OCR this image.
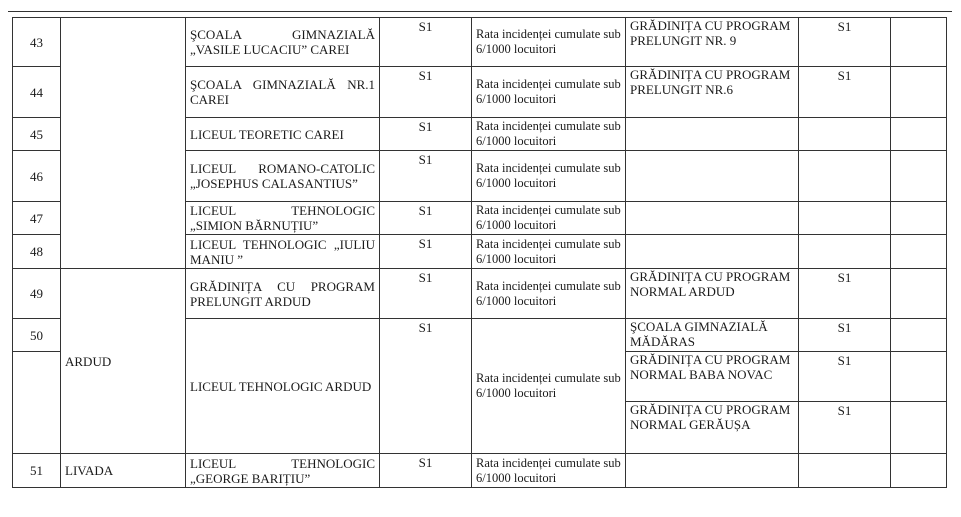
43		ŞCOALA GIMNAZIALĂ „VASILE LUCACIU” CAREI	S1	Rata incidenței cumulate sub 6/1000 locuitori	GRĂDINIȚA CU PROGRAM PRELUNGIT NR. 9	S1	
44		ŞCOALA GIMNAZIALĂ NR.1 CAREI	S1	Rata incidenței cumulate sub 6/1000 locuitori	GRĂDINIȚA CU PROGRAM PRELUNGIT NR.6	S1	
45		LICEUL TEORETIC CAREI	S1	Rata incidenței cumulate sub 6/1000 locuitori			
46		LICEUL ROMANO-CATOLIC „JOSEPHUS CALASANTIUS”	S1	Rata incidenței cumulate sub 6/1000 locuitori			
47		LICEUL TEHNOLOGIC „SIMION BĂRNUȚIU”	S1	Rata incidenței cumulate sub 6/1000 locuitori			
48		LICEUL TEHNOLOGIC „IULIU MANIU ”	S1	Rata incidenței cumulate sub 6/1000 locuitori			
49	ARDUD	GRĂDINIȚA CU PROGRAM PRELUNGIT ARDUD	S1	Rata incidenței cumulate sub 6/1000 locuitori	GRĂDINIȚA CU PROGRAM NORMAL ARDUD	S1	
50		LICEUL TEHNOLOGIC ARDUD	S1	Rata incidenței cumulate sub 6/1000 locuitori	ŞCOALA GIMNAZIALĂ MĂDĂRAS	S1	
					GRĂDINIȚA CU PROGRAM NORMAL BABA NOVAC	S1	

					GRĂDINIȚA CU PROGRAM NORMAL GERĂUȘA	S1	
51	LIVADA	LICEUL TEHNOLOGIC „GEORGE BARIȚIU”	S1	Rata incidenței cumulate sub 6/1000 locuitori			
